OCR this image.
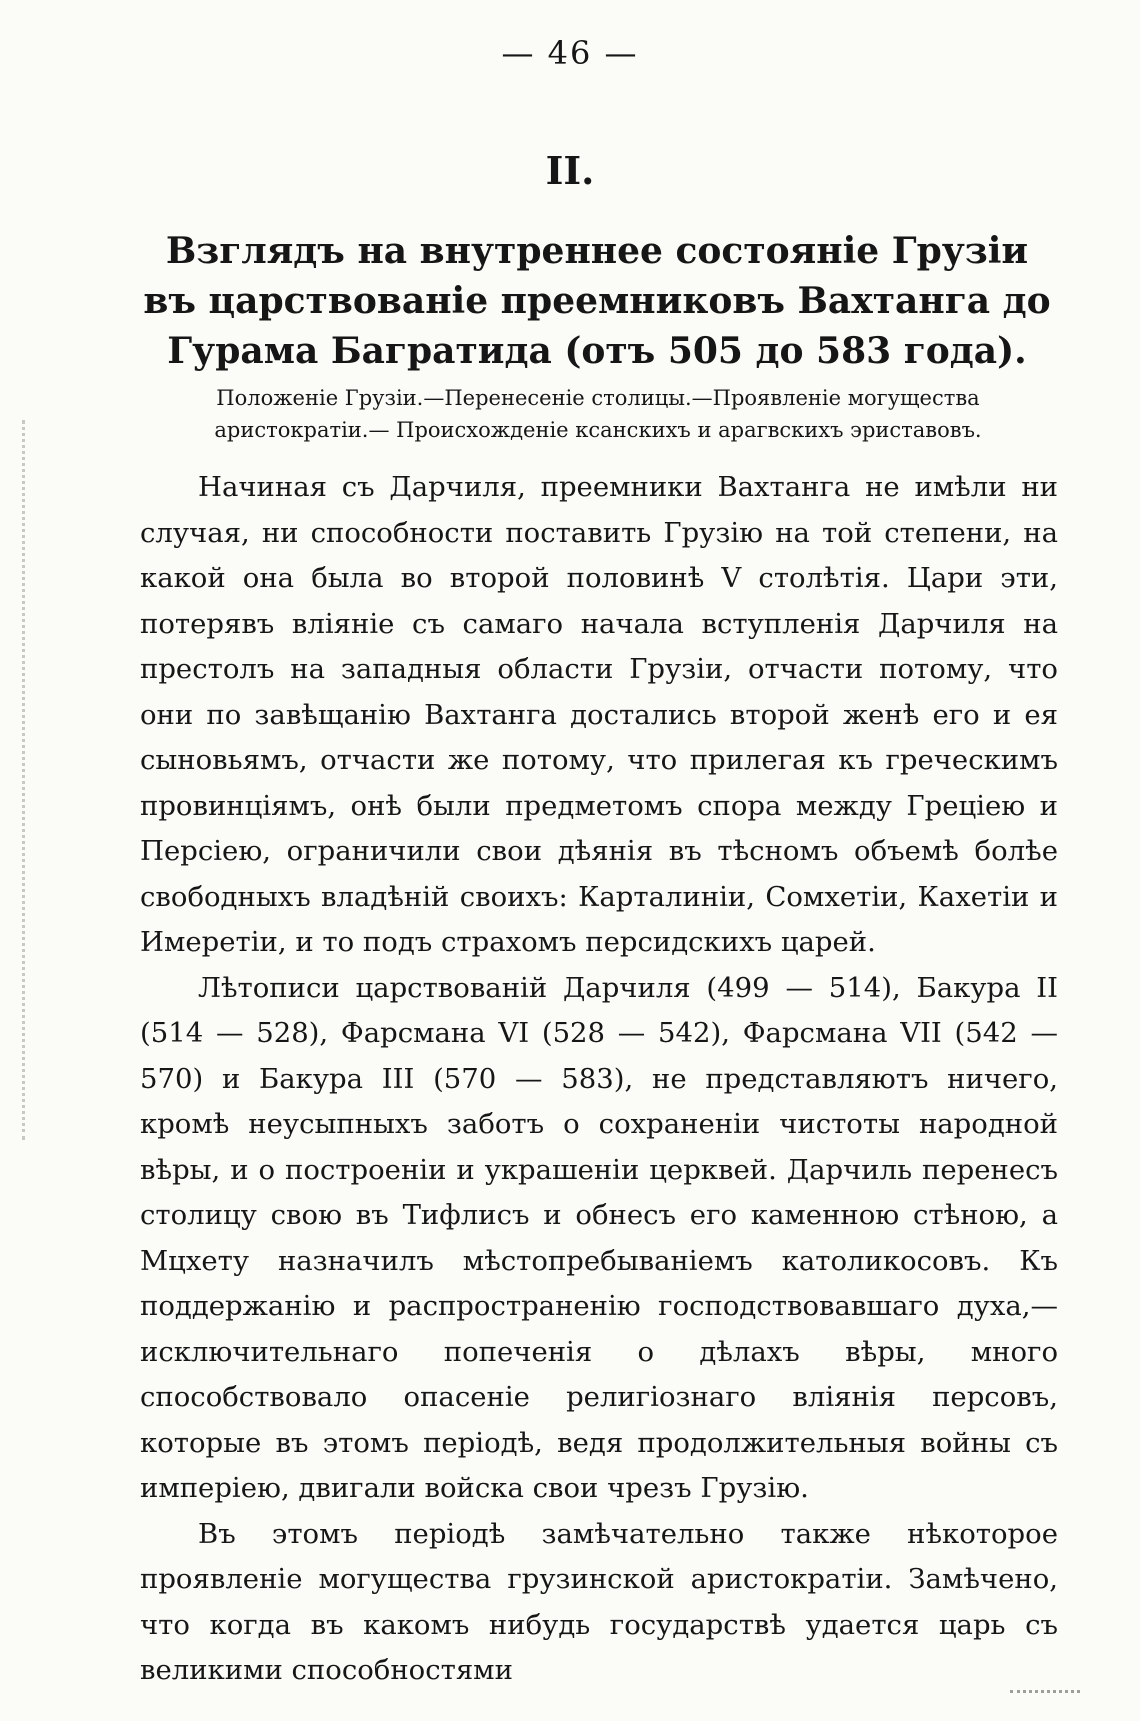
— 46 —
II.
Взглядъ на внутреннее состоянie Грузiи въ царствованiе преемниковъ Вахтанга до Гурама Багратида (отъ 505 до 583 года).

Положенie Грузiи.—Перенесенie столицы.—Проявленie могущества аристократiи.— Происхожденie ксанскихъ и арагвскихъ эриставовъ.

Начиная съ Дарчиля, преемники Вахтанга не имѣли ни случая, ни способности поставить Грузiю на той степени, на какой она была во второй половинѣ V столѣтiя. Цари эти, потерявъ влiянie съ самаго начала вступленiя Дарчиля на престолъ на западныя области Грузiи, отчасти потому, что они по завѣщанiю Вахтанга достались второй женѣ его и ея сыновьямъ, отчасти же потому, что прилегая къ греческимъ провинцiямъ, онѣ были предметомъ спора между Грецiею и Персiею, ограничили свои дѣянiя въ тѣсномъ объемѣ болѣе свободныхъ владѣнiй своихъ: Карталинiи, Сомхетiи, Кахетiи и Имеретiи, и то подъ страхомъ персидскихъ царей.

Лѣтописи царствованiй Дарчиля (499 — 514), Бакура II (514 — 528), Фарсмана VI (528 — 542), Фарсмана VII (542 — 570) и Бакура III (570 — 583), не представляютъ ничего, кромѣ неусыпныхъ заботъ о сохраненiи чистоты народной вѣры, и о построенiи и украшенiи церквей. Дарчиль перенесъ столицу свою въ Тифлисъ и обнесъ его каменною стѣною, а Мцхету назначилъ мѣстопребыванiемъ католикосовъ. Къ поддержанiю и распространенiю господствовавшаго духа,—исключительнаго попеченiя о дѣлахъ вѣры, много способствовало опасенie религiознаго влiянiя персовъ, которые въ этомъ перiодѣ, ведя продолжительныя войны съ имперiею, двигали войска свои чрезъ Грузiю.

Въ этомъ перiодѣ замѣчательно также нѣкоторое проявленie могущества грузинской аристократiи. Замѣчено, что когда въ какомъ нибудь государствѣ удается царь съ великими способностями
